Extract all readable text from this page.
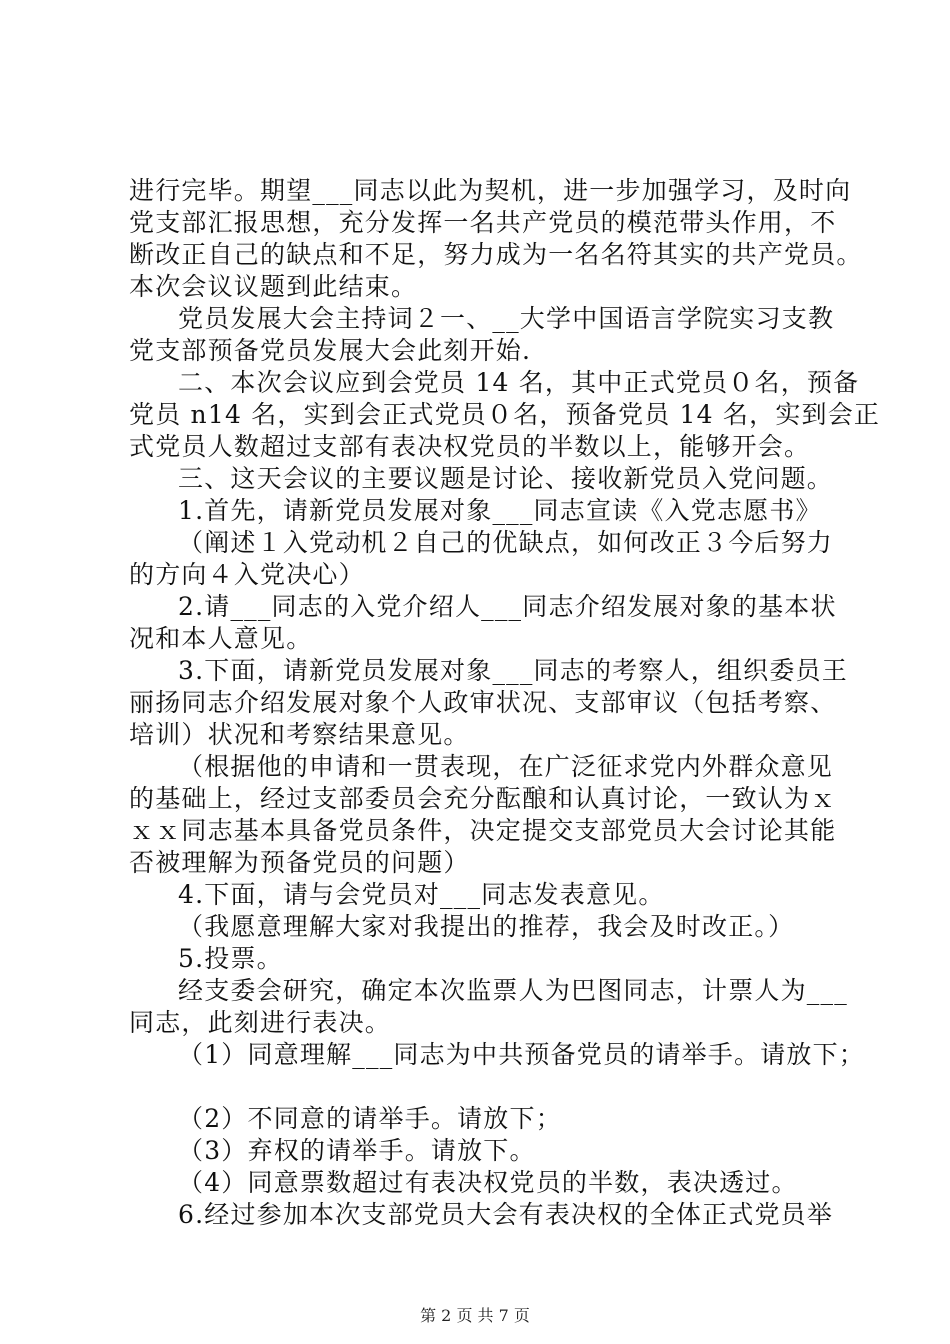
进行完毕。期望___同志以此为契机，进一步加强学习，及时向
党支部汇报思想，充分发挥一名共产党员的模范带头作用，不
断改正自己的缺点和不足，努力成为一名名符其实的共产党员。
本次会议议题到此结束。
党员发展大会主持词２一、__大学中国语言学院实习支教
党支部预备党员发展大会此刻开始.
二、本次会议应到会党员 14 名，其中正式党员０名，预备
党员 n14 名，实到会正式党员０名，预备党员 14 名，实到会正
式党员人数超过支部有表决权党员的半数以上，能够开会。
三、这天会议的主要议题是讨论、接收新党员入党问题。
1.首先，请新党员发展对象___同志宣读《入党志愿书》
（阐述１入党动机２自己的优缺点，如何改正３今后努力
的方向４入党决心）
2.请___同志的入党介绍人___同志介绍发展对象的基本状
况和本人意见。
3.下面，请新党员发展对象___同志的考察人，组织委员王
丽扬同志介绍发展对象个人政审状况、支部审议（包括考察、
培训）状况和考察结果意见。
（根据他的申请和一贯表现，在广泛征求党内外群众意见
的基础上，经过支部委员会充分酝酿和认真讨论，一致认为ｘ
ｘｘ同志基本具备党员条件，决定提交支部党员大会讨论其能
否被理解为预备党员的问题）
4.下面，请与会党员对___同志发表意见。
（我愿意理解大家对我提出的推荐，我会及时改正。）
5.投票。
经支委会研究，确定本次监票人为巴图同志，计票人为___
同志，此刻进行表决。
（1）同意理解___同志为中共预备党员的请举手。请放下；
（2）不同意的请举手。请放下；
（3）弃权的请举手。请放下。
（4）同意票数超过有表决权党员的半数，表决透过。
6.经过参加本次支部党员大会有表决权的全体正式党员举
第 2 页 共 7 页
